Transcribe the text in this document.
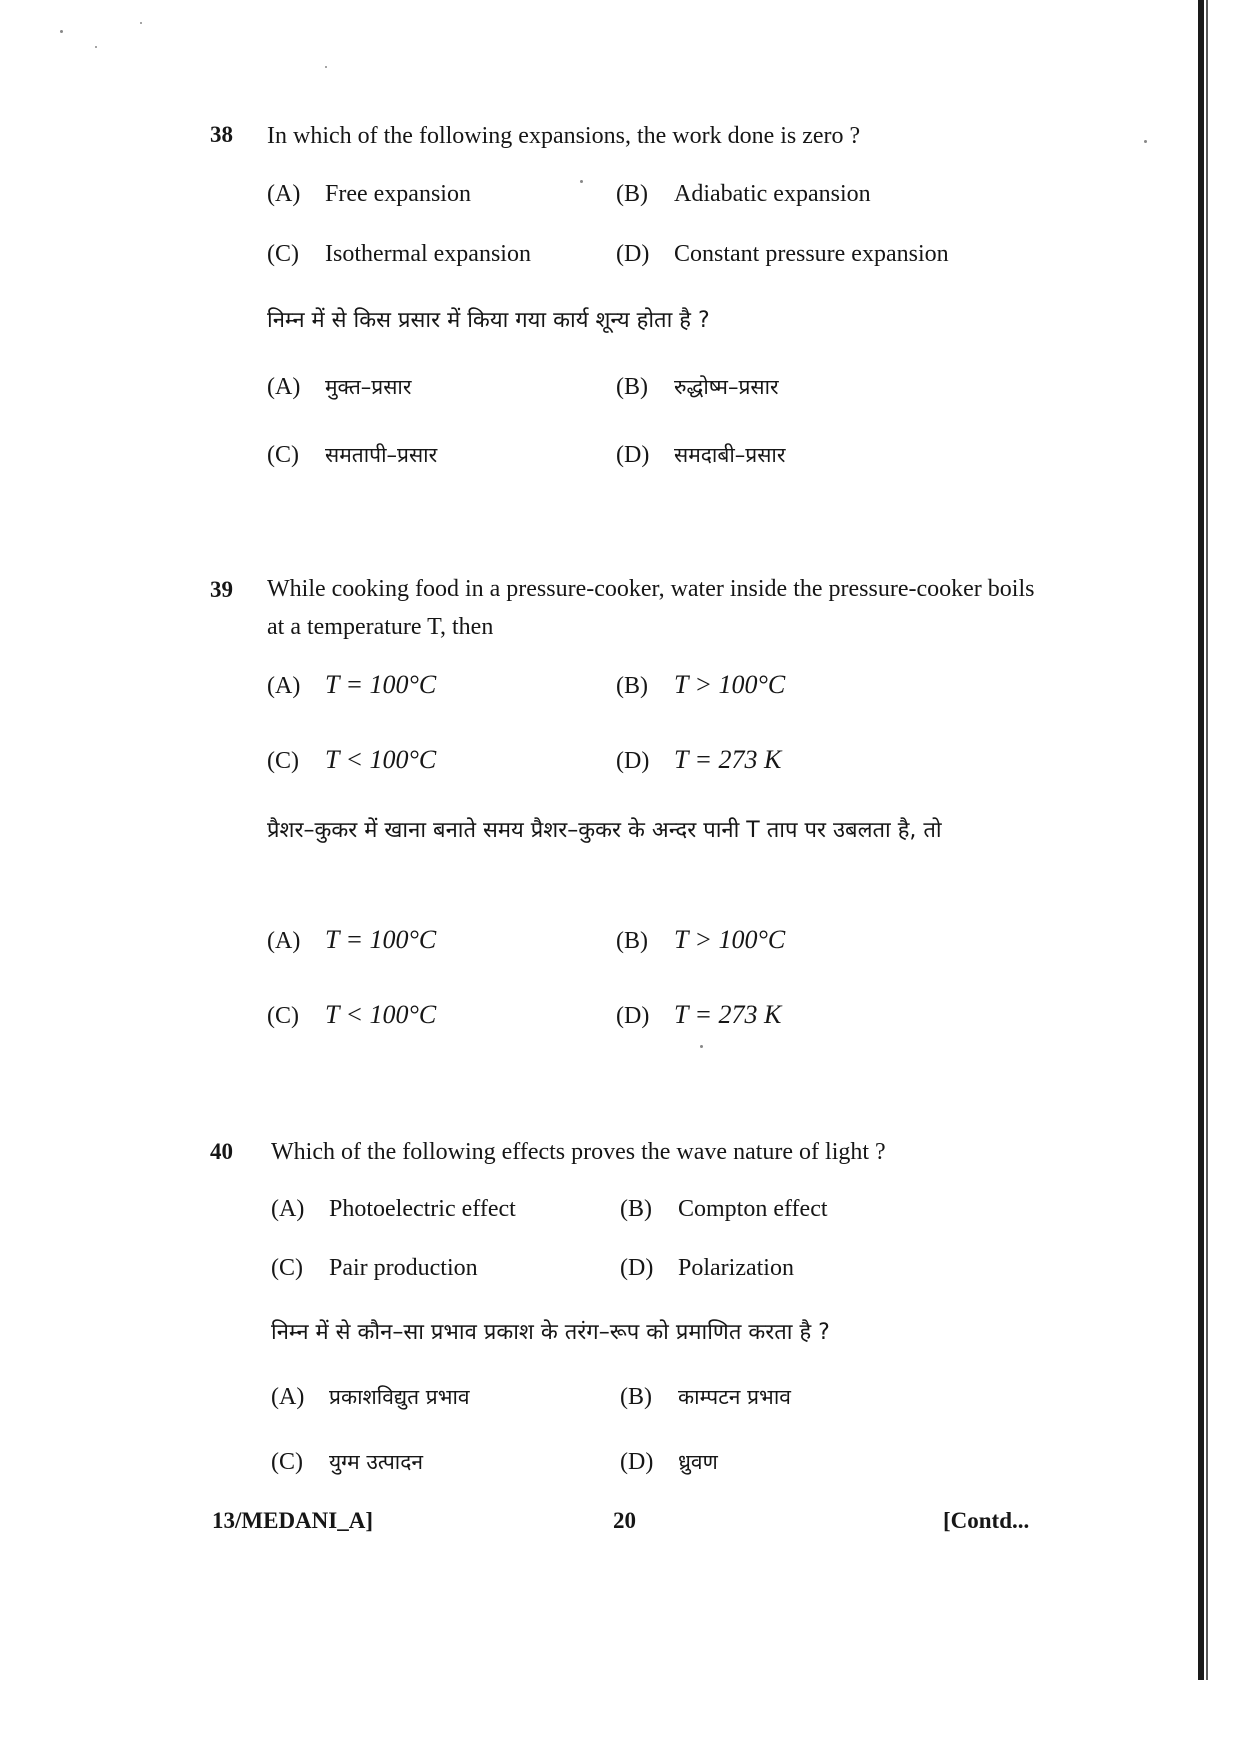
38 In which of the following expansions, the work done is zero ?
(A) Free expansion	(B) Adiabatic expansion
(C) Isothermal expansion	(D) Constant pressure expansion
निम्न में से किस प्रसार में किया गया कार्य शून्य होता है ?
(A) मुक्त–प्रसार	(B) रुद्धोष्म–प्रसार
(C) समतापी–प्रसार	(D) समदाबी–प्रसार
39 While cooking food in a pressure-cooker, water inside the pressure-cooker boils at a temperature T, then
(A) T = 100°C	(B) T > 100°C
(C) T < 100°C	(D) T = 273 K
प्रैशर–कुकर में खाना बनाते समय प्रैशर–कुकर के अन्दर पानी T ताप पर उबलता है, तो
(A) T = 100°C	(B) T > 100°C
(C) T < 100°C	(D) T = 273 K
40 Which of the following effects proves the wave nature of light ?
(A) Photoelectric effect	(B) Compton effect
(C) Pair production	(D) Polarization
निम्न में से कौन–सा प्रभाव प्रकाश के तरंग–रूप को प्रमाणित करता है ?
(A) प्रकाशविद्युत प्रभाव	(B) काम्पटन प्रभाव
(C) युग्म उत्पादन	(D) ध्रुवण
13/MEDANI_A]	20	[Contd...
